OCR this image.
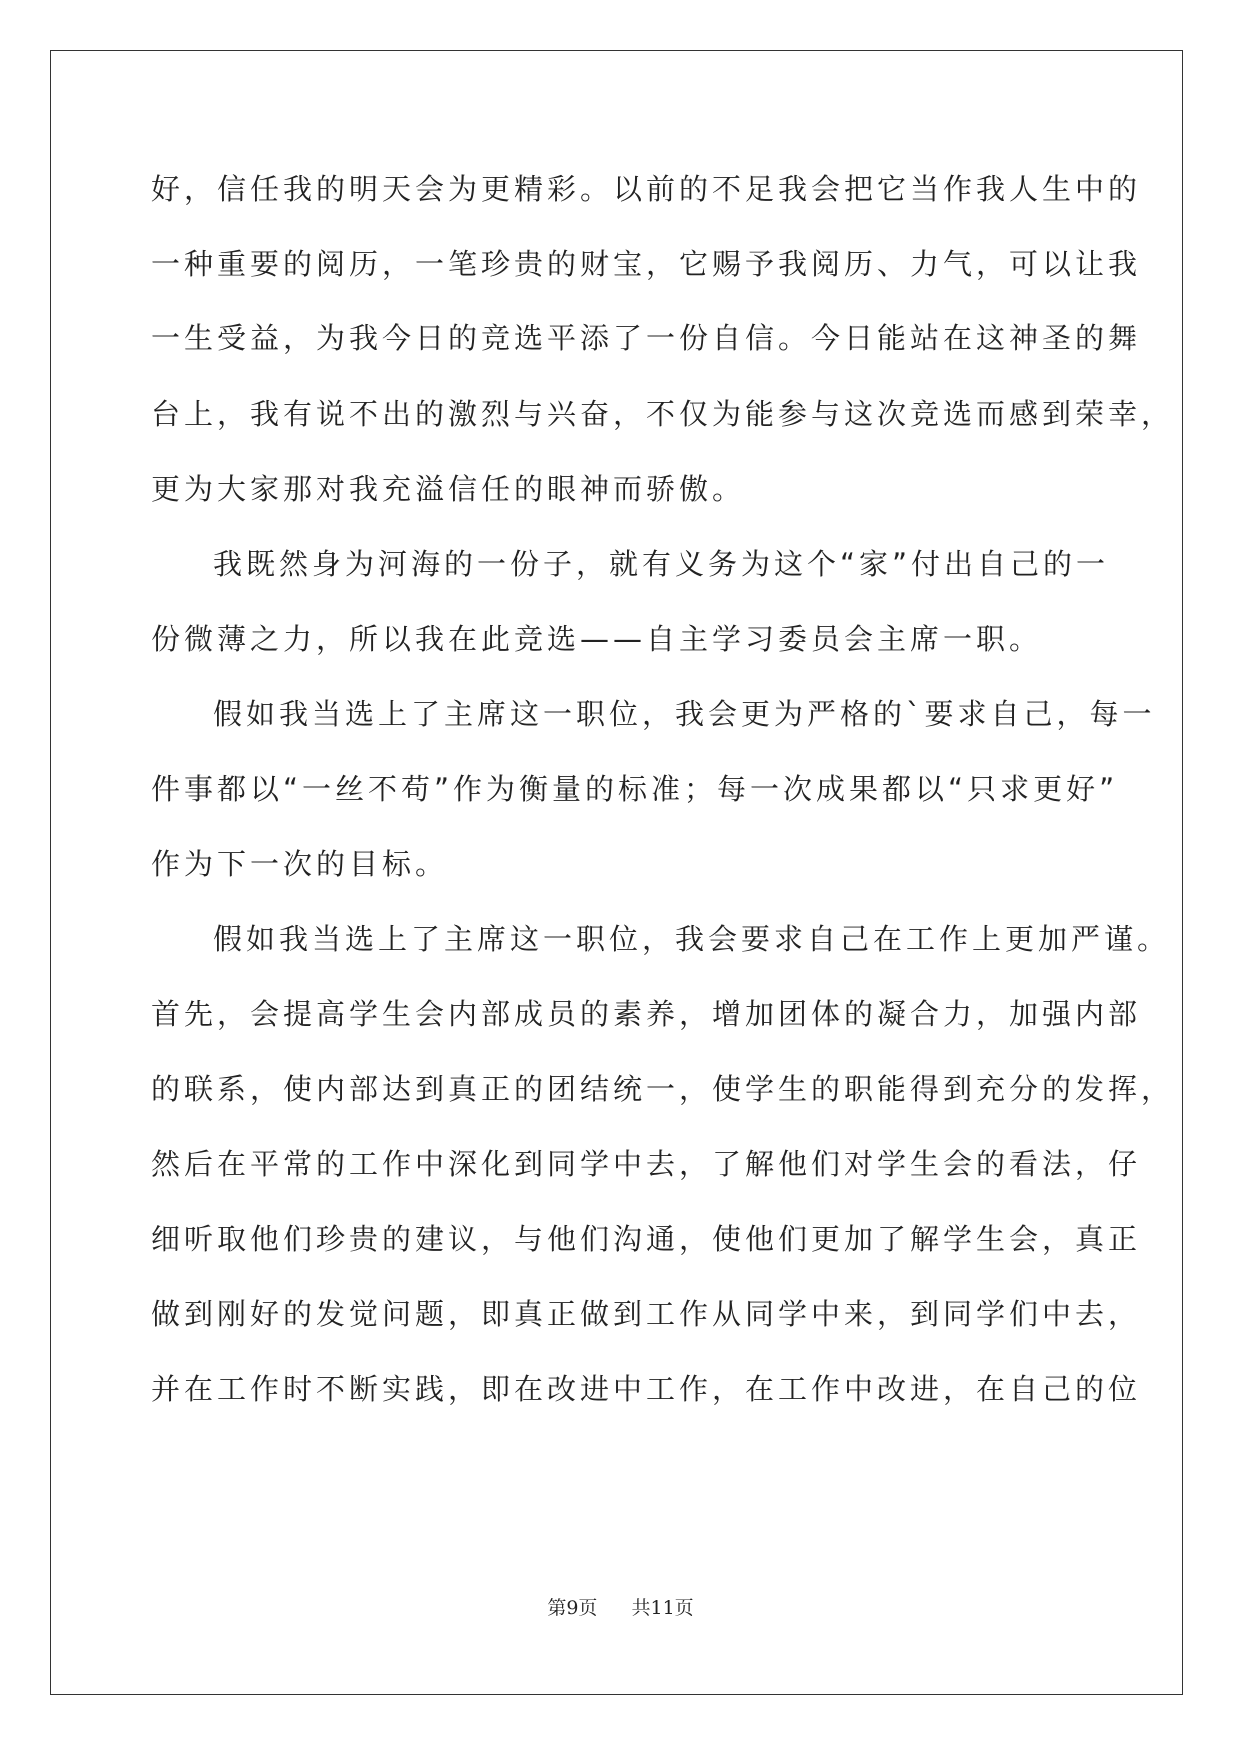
好，信任我的明天会为更精彩。以前的不足我会把它当作我人生中的
一种重要的阅历，一笔珍贵的财宝，它赐予我阅历、力气，可以让我
一生受益，为我今日的竞选平添了一份自信。今日能站在这神圣的舞
台上，我有说不出的激烈与兴奋，不仅为能参与这次竞选而感到荣幸，
更为大家那对我充溢信任的眼神而骄傲。
我既然身为河海的一份子，就有义务为这个“家”付出自己的一
份微薄之力，所以我在此竞选——自主学习委员会主席一职。
假如我当选上了主席这一职位，我会更为严格的`要求自己，每一
件事都以“一丝不苟”作为衡量的标准；每一次成果都以“只求更好”
作为下一次的目标。
假如我当选上了主席这一职位，我会要求自己在工作上更加严谨。
首先，会提高学生会内部成员的素养，增加团体的凝合力，加强内部
的联系，使内部达到真正的团结统一，使学生的职能得到充分的发挥，
然后在平常的工作中深化到同学中去，了解他们对学生会的看法，仔
细听取他们珍贵的建议，与他们沟通，使他们更加了解学生会，真正
做到刚好的发觉问题，即真正做到工作从同学中来，到同学们中去，
并在工作时不断实践，即在改进中工作，在工作中改进，在自己的位
第9页 共11页
